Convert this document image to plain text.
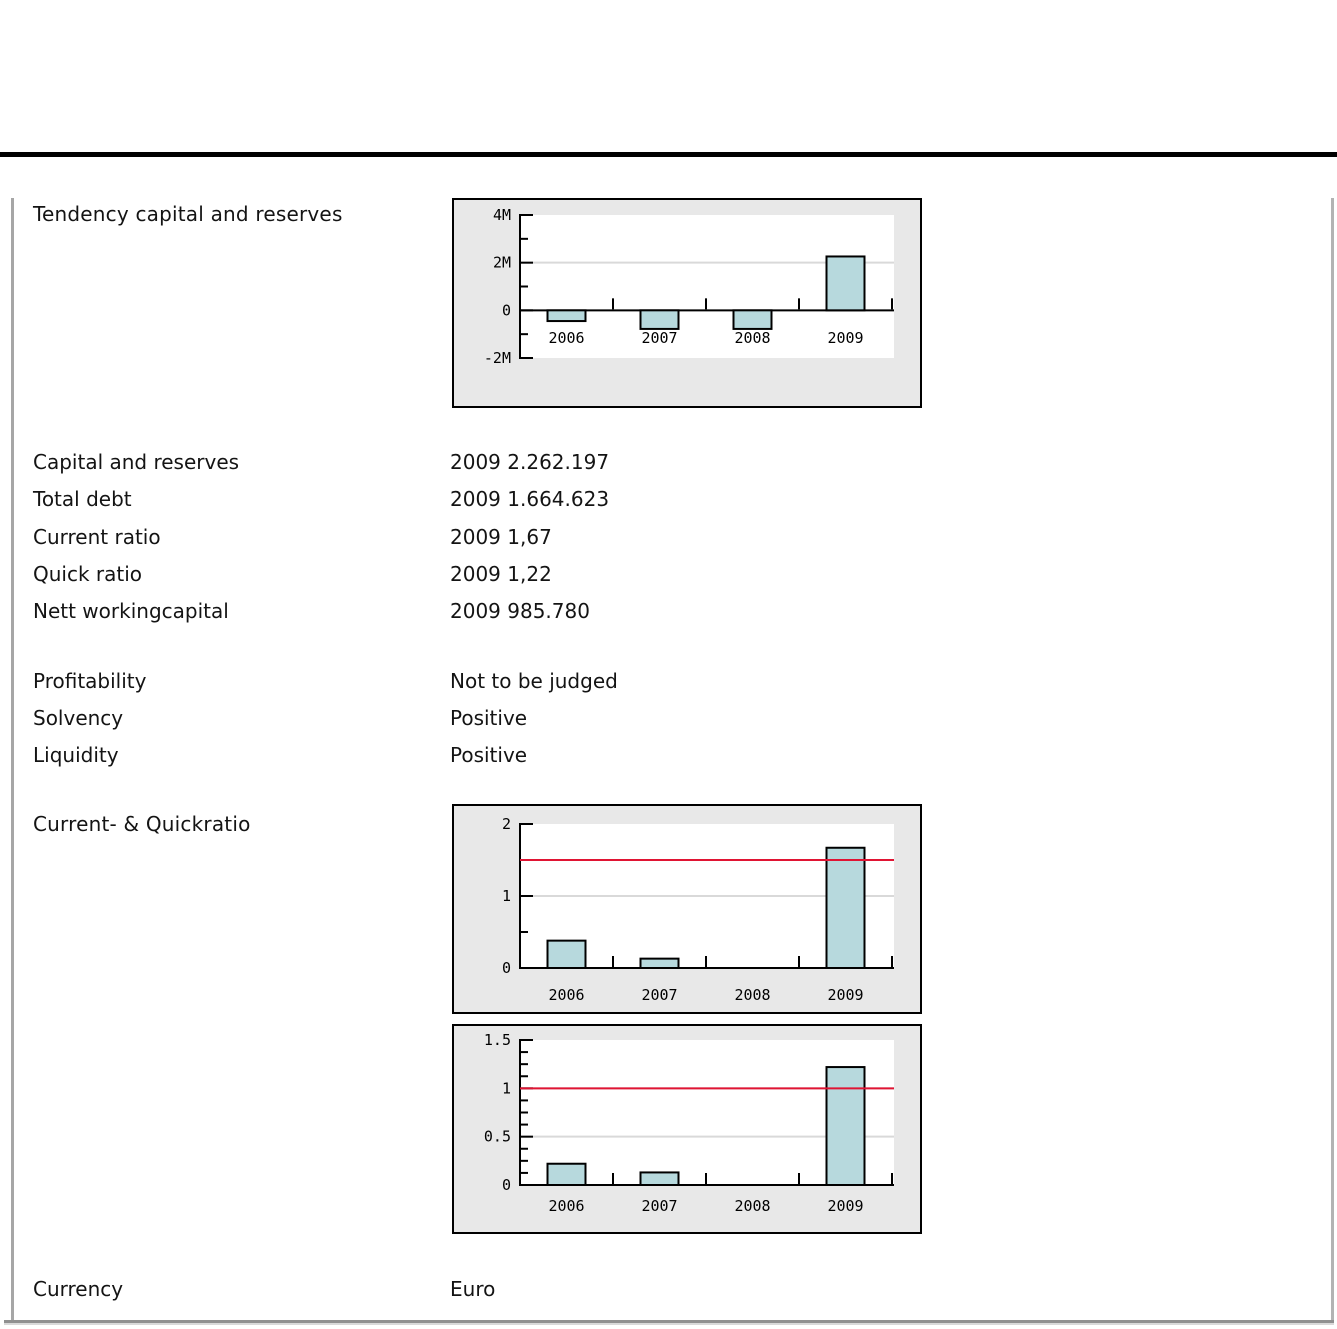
Tendency capital and reserves	4M
2M
0
-2M
2006	2007	2008	2009
Capital and reserves	2009 2.262.197
Total debt	2009 1.664.623
Current ratio	2009 1,67
Quick ratio	2009 1,22
Nett workingcapital	2009 985.780
Profitability	Not to be judged
Solvency	Positive
Liquidity	Positive
Current- & Quickratio	2
1
0
2006	2007	2008	2009
1.5
1
0.5
0
2006	2007	2008	2009
Currency	Euro
